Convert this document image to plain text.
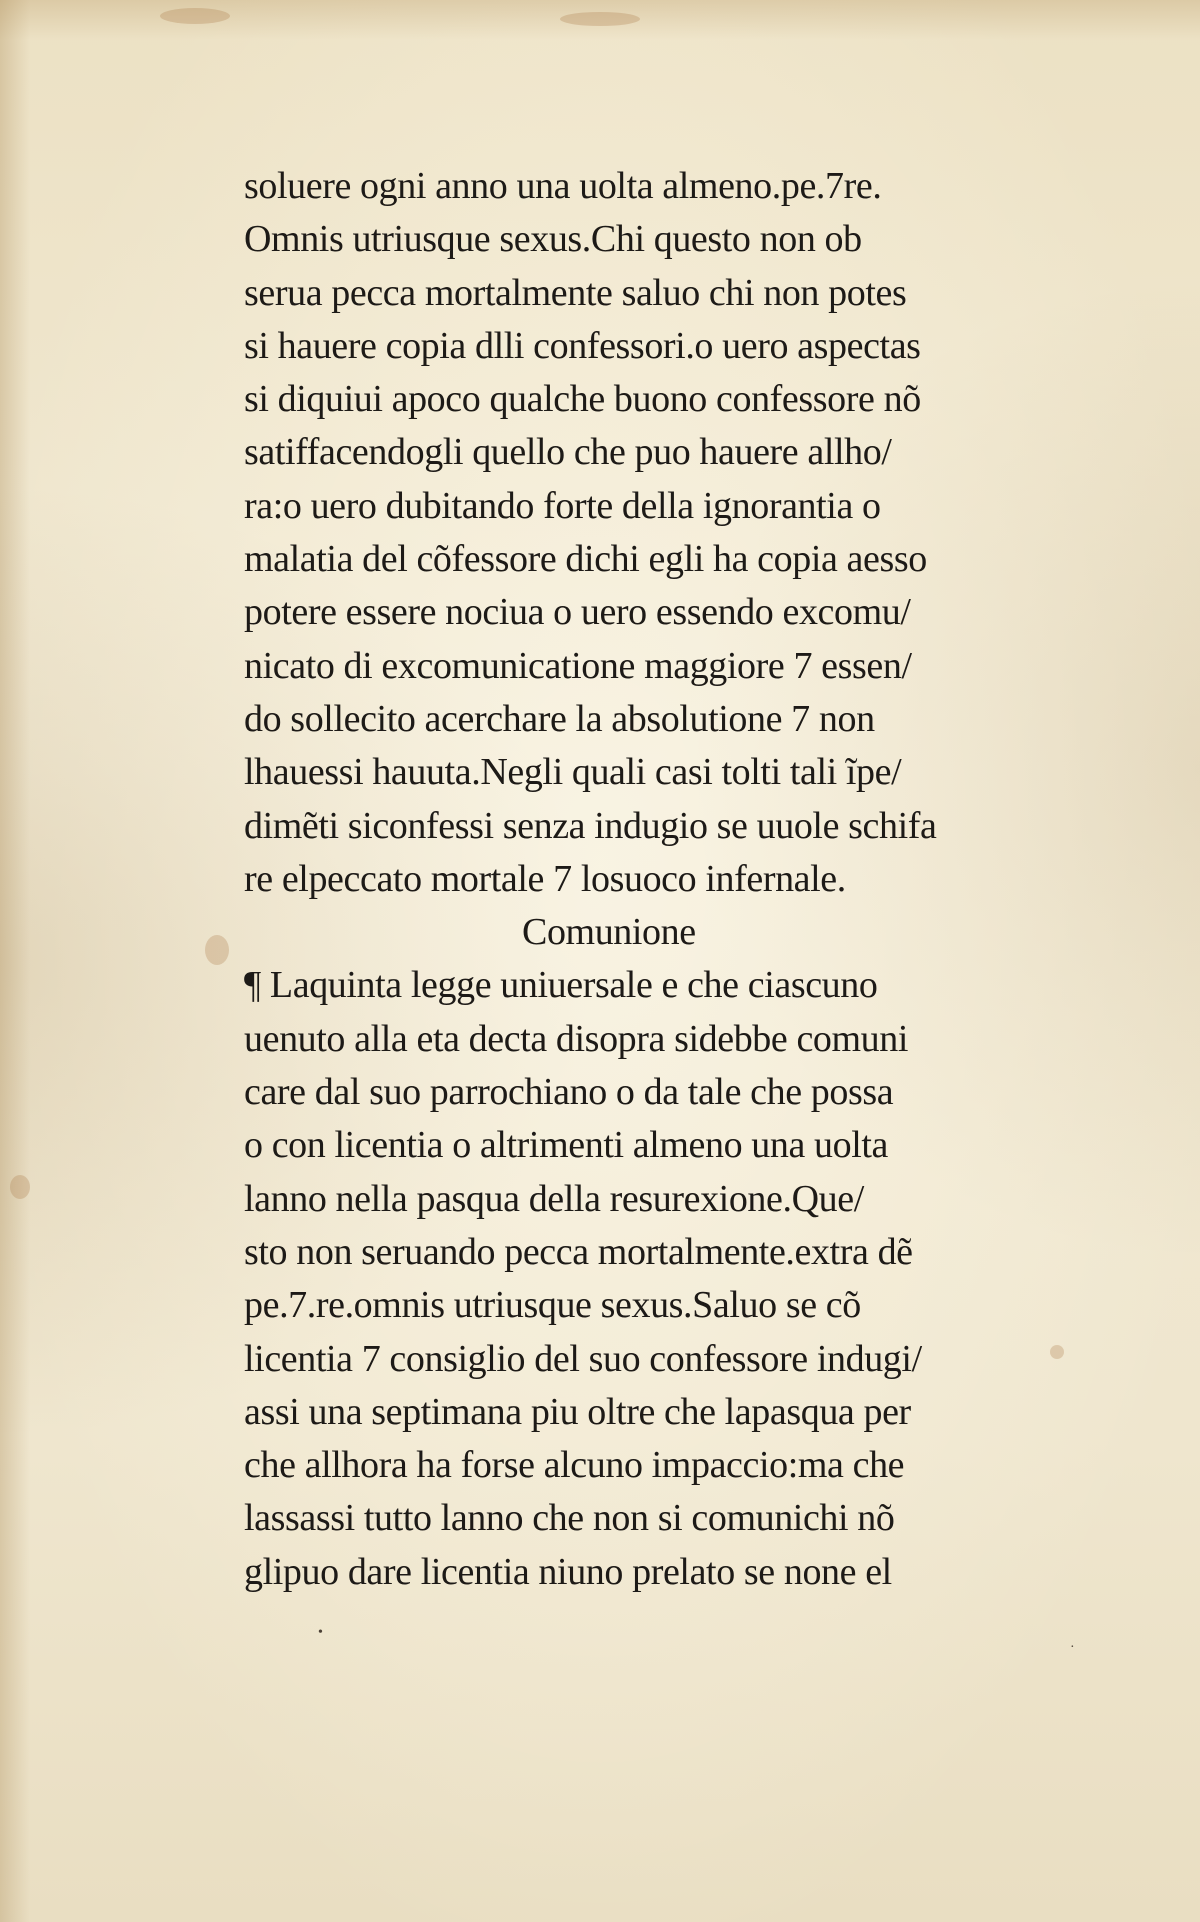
soluere ogni anno una uolta almeno.pe.7re.
Omnis utriusque sexus.Chi questo non ob
serua pecca mortalmente saluo chi non potes
si hauere copia dlli confessori.o uero aspectas
si diquiui apoco qualche buono confessore nõ
satiffacendogli quello che puo hauere allho/
ra:o uero dubitando forte della ignorantia o
malatia del cõfessore dichi egli ha copia aesso
potere essere nociua o uero essendo excomu/
nicato di excomunicatione maggiore 7 essen/
do sollecito acerchare la absolutione 7 non
lhauessi hauuta.Negli quali casi tolti tali ĩpe/
dimẽti siconfessi senza indugio se uuole schifa
re elpeccato mortale 7 losuoco infernale.
Comunione
¶ Laquinta legge uniuersale e che ciascuno
uenuto alla eta decta disopra sidebbe comuni
care dal suo parrochiano o da tale che possa
o con licentia o altrimenti almeno una uolta
lanno nella pasqua della resurexione.Que/
sto non seruando pecca mortalmente.extra dẽ
pe.7.re.omnis utriusque sexus.Saluo se cõ
licentia 7 consiglio del suo confessore indugi/
assi una septimana piu oltre che lapasqua per
che allhora ha forse alcuno impaccio:ma che
lassassi tutto lanno che non si comunichi nõ
glipuo dare licentia niuno prelato se none el
•
·
